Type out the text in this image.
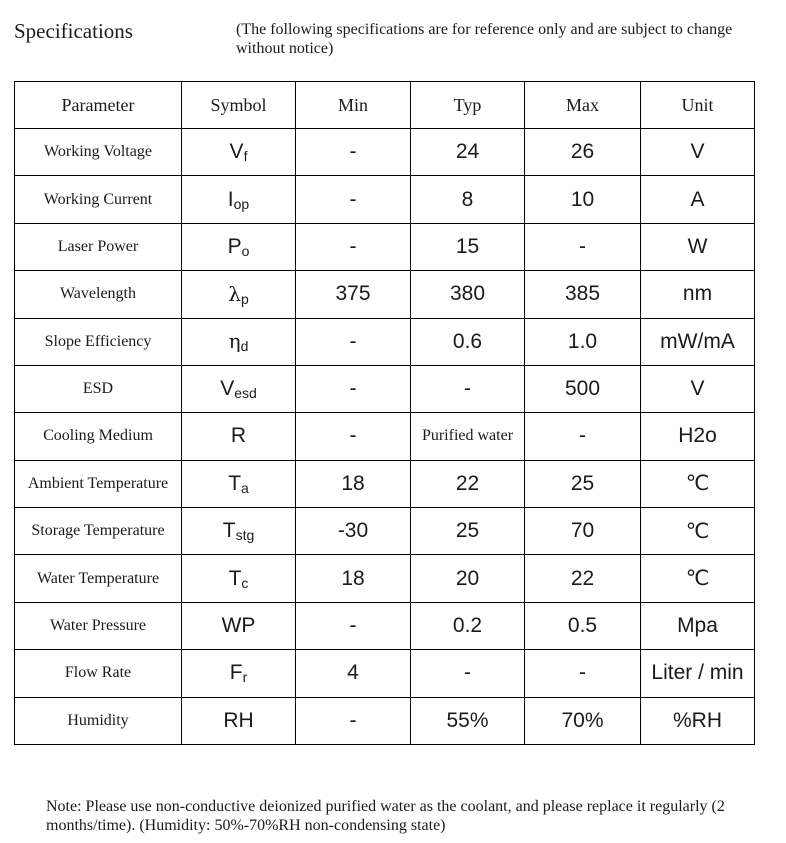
Specifications	(The following specifications are for reference only and are subject to change without notice)
Parameter	Symbol	Min	Typ	Max	Unit
Working Voltage	Vf	-	24	26	V
Working Current	Iop	-	8	10	A
Laser Power	Po	-	15	-	W
Wavelength	λp	375	380	385	nm
Slope Efficiency	ηd	-	0.6	1.0	mW/mA
ESD	Vesd	-	-	500	V
Cooling Medium	R	-	Purified water	-	H2o
Ambient Temperature	Ta	18	22	25	℃
Storage Temperature	Tstg	-30	25	70	℃
Water Temperature	Tc	18	20	22	℃
Water Pressure	WP	-	0.2	0.5	Mpa
Flow Rate	Fr	4	-	-	Liter / min
Humidity	RH	-	55%	70%	%RH
Note: Please use non-conductive deionized purified water as the coolant, and please replace it regularly (2 months/time). (Humidity: 50%-70%RH non-condensing state)
